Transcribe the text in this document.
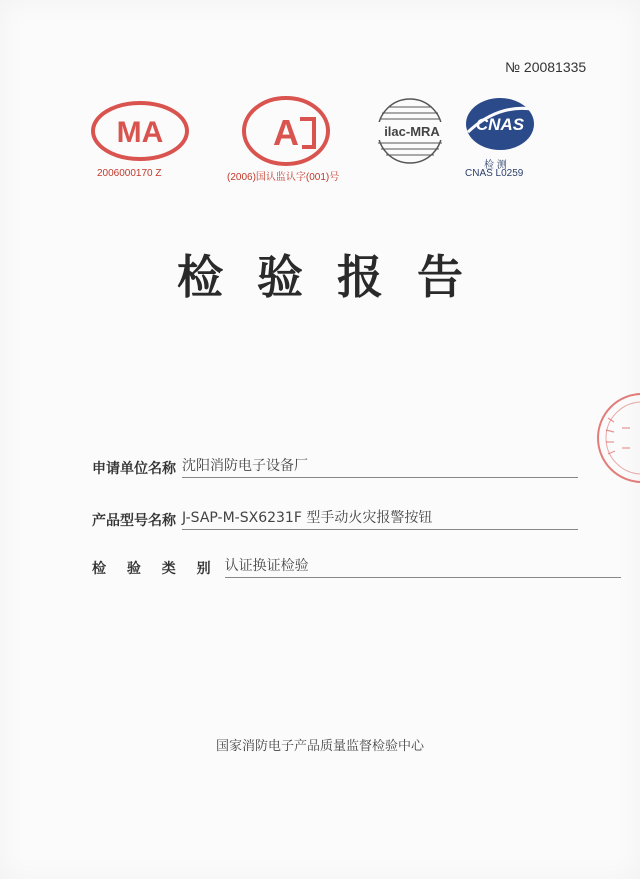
№ 20081335
MA
2006000170 Z
A
(2006)国认监认字(001)号
ilac-MRA CNAS
检 测
CNAS L0259
检验报告
申请单位名称 沈阳消防电子设备厂
产品型号名称 J-SAP-M-SX6231F 型手动火灾报警按钮
检 验 类 别 认证换证检验
国家消防电子产品质量监督检验中心
